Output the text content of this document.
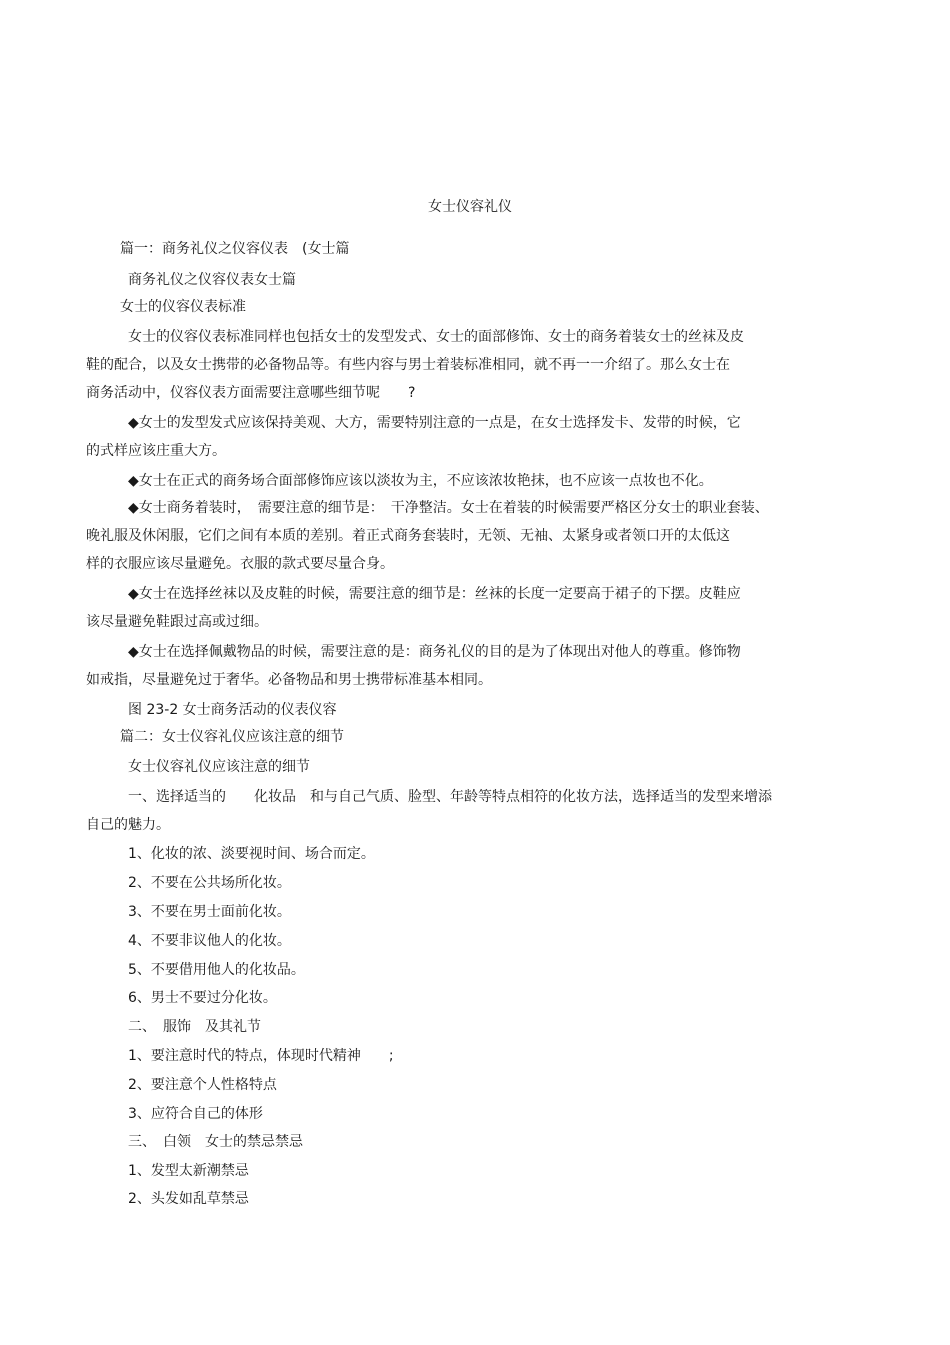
女士仪容礼仪
篇一：商务礼仪之仪容仪表　(女士篇
商务礼仪之仪容仪表女士篇
女士的仪容仪表标准
女士的仪容仪表标准同样也包括女士的发型发式、女士的面部修饰、女士的商务着装女士的丝袜及皮
鞋的配合，以及女士携带的必备物品等。有些内容与男士着装标准相同，就不再一一介绍了。那么女士在
商务活动中，仪容仪表方面需要注意哪些细节呢　　?
◆女士的发型发式应该保持美观、大方，需要特别注意的一点是，在女士选择发卡、发带的时候，它
的式样应该庄重大方。
◆女士在正式的商务场合面部修饰应该以淡妆为主，不应该浓妆艳抹，也不应该一点妆也不化。
◆女士商务着装时，　需要注意的细节是：　干净整洁。女士在着装的时候需要严格区分女士的职业套装、
晚礼服及休闲服，它们之间有本质的差别。着正式商务套装时，无领、无袖、太紧身或者领口开的太低这
样的衣服应该尽量避免。衣服的款式要尽量合身。
◆女士在选择丝袜以及皮鞋的时候，需要注意的细节是：丝袜的长度一定要高于裙子的下摆。皮鞋应
该尽量避免鞋跟过高或过细。
◆女士在选择佩戴物品的时候，需要注意的是：商务礼仪的目的是为了体现出对他人的尊重。修饰物
如戒指，尽量避免过于奢华。必备物品和男士携带标准基本相同。
图 23-2 女士商务活动的仪表仪容
篇二：女士仪容礼仪应该注意的细节
女士仪容礼仪应该注意的细节
一、选择适当的　　化妆品　和与自己气质、脸型、年龄等特点相符的化妆方法，选择适当的发型来增添
自己的魅力。
1、化妆的浓、淡要视时间、场合而定。
2、不要在公共场所化妆。
3、不要在男士面前化妆。
4、不要非议他人的化妆。
5、不要借用他人的化妆品。
6、男士不要过分化妆。
二、　服饰　及其礼节
1、要注意时代的特点，体现时代精神　　;
2、要注意个人性格特点
3、应符合自己的体形
三、　白领　女士的禁忌禁忌
1、发型太新潮禁忌
2、头发如乱草禁忌
